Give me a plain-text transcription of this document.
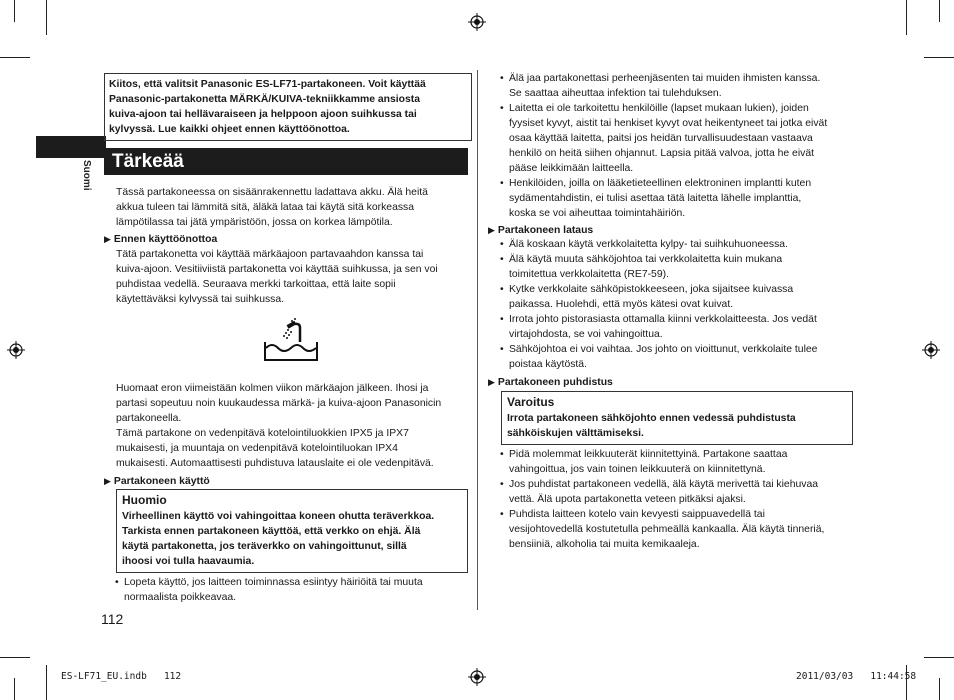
Suomi
Kiitos, että valitsit Panasonic ES-LF71-partakoneen. Voit käyttää
Panasonic-partakonetta MÄRKÄ/KUIVA-tekniikkamme ansiosta
kuiva-ajoon tai hellävaraiseen ja helppoon ajoon suihkussa tai
kylvyssä. Lue kaikki ohjeet ennen käyttöönottoa.
Tärkeää
Tässä partakoneessa on sisäänrakennettu ladattava akku. Älä heitä
akkua tuleen tai lämmitä sitä, äläkä lataa tai käytä sitä korkeassa
lämpötilassa tai jätä ympäristöön, jossa on korkea lämpötila.
▶ Ennen käyttöönottoa
Tätä partakonetta voi käyttää märkäajoon partavaahdon kanssa tai
kuiva-ajoon. Vesitiiviistä partakonetta voi käyttää suihkussa, ja sen voi
puhdistaa vedellä. Seuraava merkki tarkoittaa, että laite sopii
käytettäväksi kylvyssä tai suihkussa.
Huomaat eron viimeistään kolmen viikon märkäajon jälkeen. Ihosi ja
partasi sopeutuu noin kuukaudessa märkä- ja kuiva-ajoon Panasonicin
partakoneella.
Tämä partakone on vedenpitävä kotelointiluokkien IPX5 ja IPX7
mukaisesti, ja muuntaja on vedenpitävä kotelointiluokan IPX4
mukaisesti. Automaattisesti puhdistuva latauslaite ei ole vedenpitävä.
▶ Partakoneen käyttö
Huomio
Virheellinen käyttö voi vahingoittaa koneen ohutta teräverkkoa.
Tarkista ennen partakoneen käyttöä, että verkko on ehjä. Älä
käytä partakonetta, jos teräverkko on vahingoittunut, sillä
ihoosi voi tulla haavaumia.
• Lopeta käyttö, jos laitteen toiminnassa esiintyy häiriöitä tai muuta
normaalista poikkeavaa.
112
• Älä jaa partakonettasi perheenjäsenten tai muiden ihmisten kanssa.
Se saattaa aiheuttaa infektion tai tulehduksen.
• Laitetta ei ole tarkoitettu henkilöille (lapset mukaan lukien), joiden
fyysiset kyvyt, aistit tai henkiset kyvyt ovat heikentyneet tai jotka eivät
osaa käyttää laitetta, paitsi jos heidän turvallisuudestaan vastaava
henkilö on heitä siihen ohjannut. Lapsia pitää valvoa, jotta he eivät
pääse leikkimään laitteella.
• Henkilöiden, joilla on lääketieteellinen elektroninen implantti kuten
sydämentahdistin, ei tulisi asettaa tätä laitetta lähelle implanttia,
koska se voi aiheuttaa toimintahäiriön.
▶ Partakoneen lataus
• Älä koskaan käytä verkkolaitetta kylpy- tai suihkuhuoneessa.
• Älä käytä muuta sähköjohtoa tai verkkolaitetta kuin mukana
toimitettua verkkolaitetta (RE7-59).
• Kytke verkkolaite sähköpistokkeeseen, joka sijaitsee kuivassa
paikassa. Huolehdi, että myös kätesi ovat kuivat.
• Irrota johto pistorasiasta ottamalla kiinni verkkolaitteesta. Jos vedät
virtajohdosta, se voi vahingoittua.
• Sähköjohtoa ei voi vaihtaa. Jos johto on vioittunut, verkkolaite tulee
poistaa käytöstä.
▶ Partakoneen puhdistus
Varoitus
Irrota partakoneen sähköjohto ennen vedessä puhdistusta
sähköiskujen välttämiseksi.
• Pidä molemmat leikkuuterät kiinnitettyinä. Partakone saattaa
vahingoittua, jos vain toinen leikkuuterä on kiinnitettynä.
• Jos puhdistat partakoneen vedellä, älä käytä merivettä tai kiehuvaa
vettä. Älä upota partakonetta veteen pitkäksi ajaksi.
• Puhdista laitteen kotelo vain kevyesti saippuavedellä tai
vesijohtovedellä kostutetulla pehmeällä kankaalla. Älä käytä tinneriä,
bensiiniä, alkoholia tai muita kemikaaleja.
ES-LF71_EU.indb   112	2011/03/03   11:44:58
